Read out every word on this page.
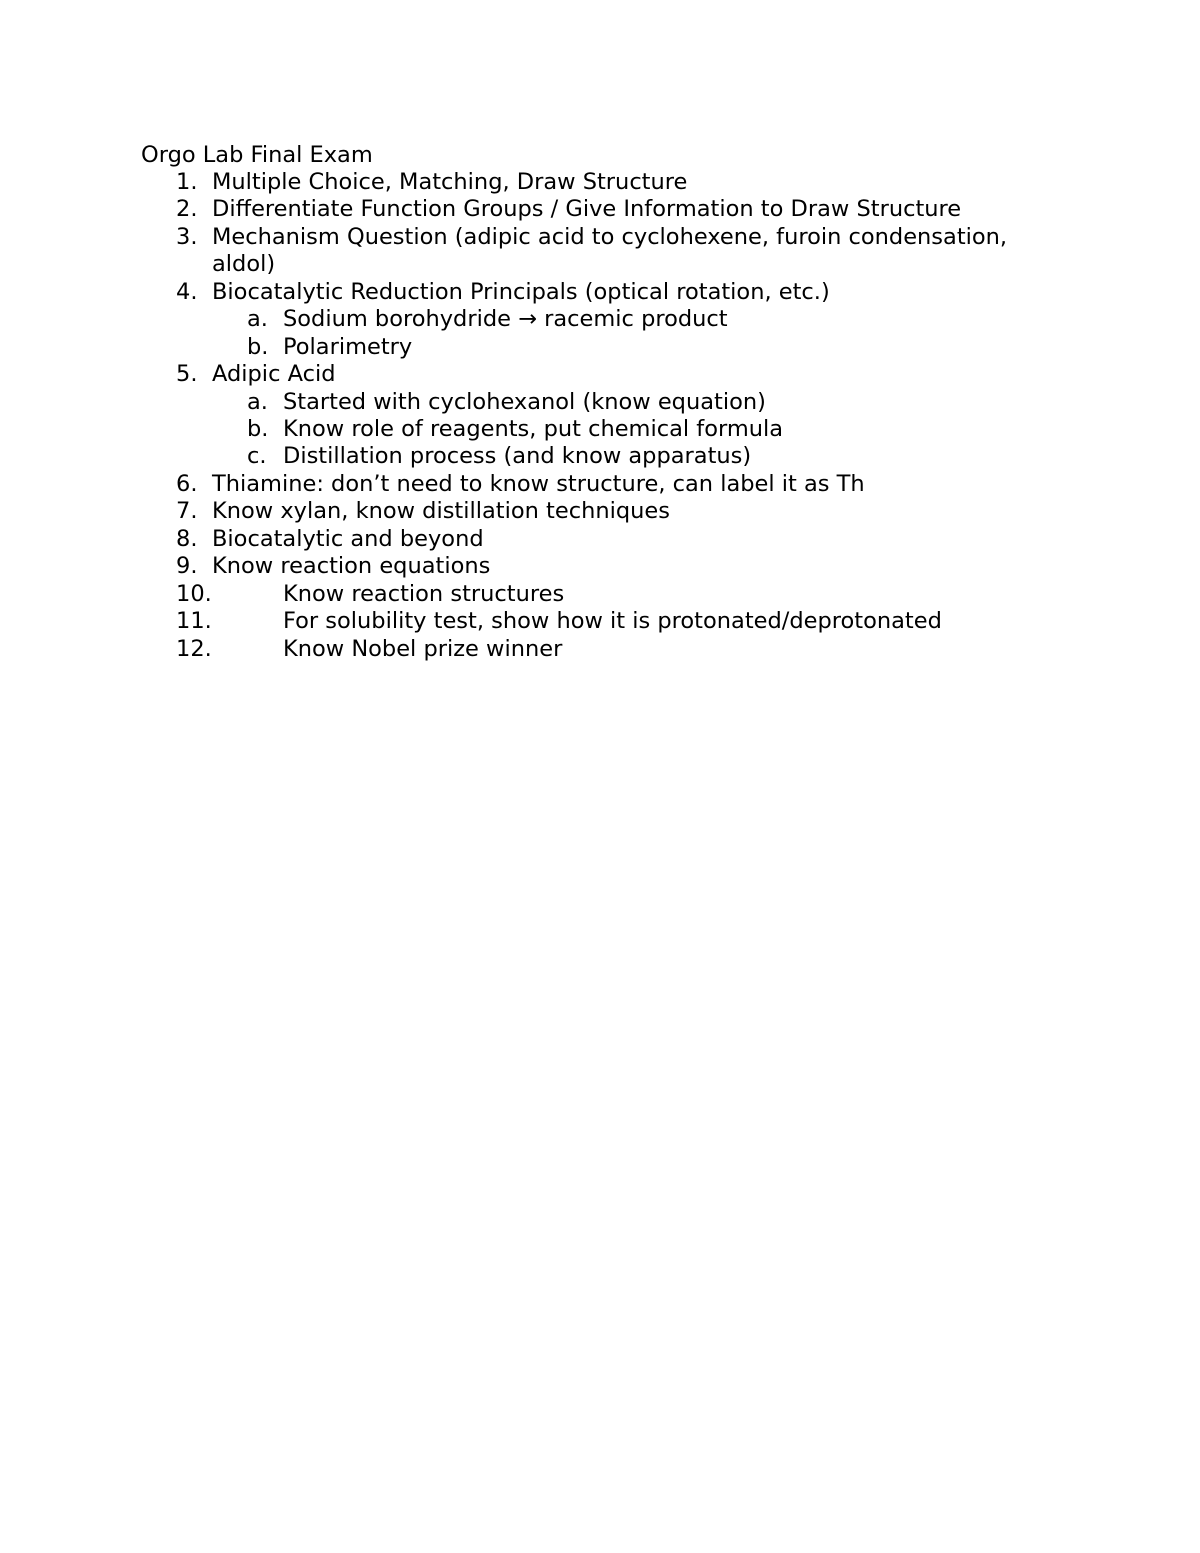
Orgo Lab Final Exam
1. Multiple Choice, Matching, Draw Structure
2. Differentiate Function Groups / Give Information to Draw Structure
3. Mechanism Question (adipic acid to cyclohexene, furoin condensation,
aldol)
4. Biocatalytic Reduction Principals (optical rotation, etc.)
a. Sodium borohydride → racemic product
b. Polarimetry
5. Adipic Acid
a. Started with cyclohexanol (know equation)
b. Know role of reagents, put chemical formula
c. Distillation process (and know apparatus)
6. Thiamine: don’t need to know structure, can label it as Th
7. Know xylan, know distillation techniques
8. Biocatalytic and beyond
9. Know reaction equations
10.	Know reaction structures
11.	For solubility test, show how it is protonated/deprotonated
12.	Know Nobel prize winner
